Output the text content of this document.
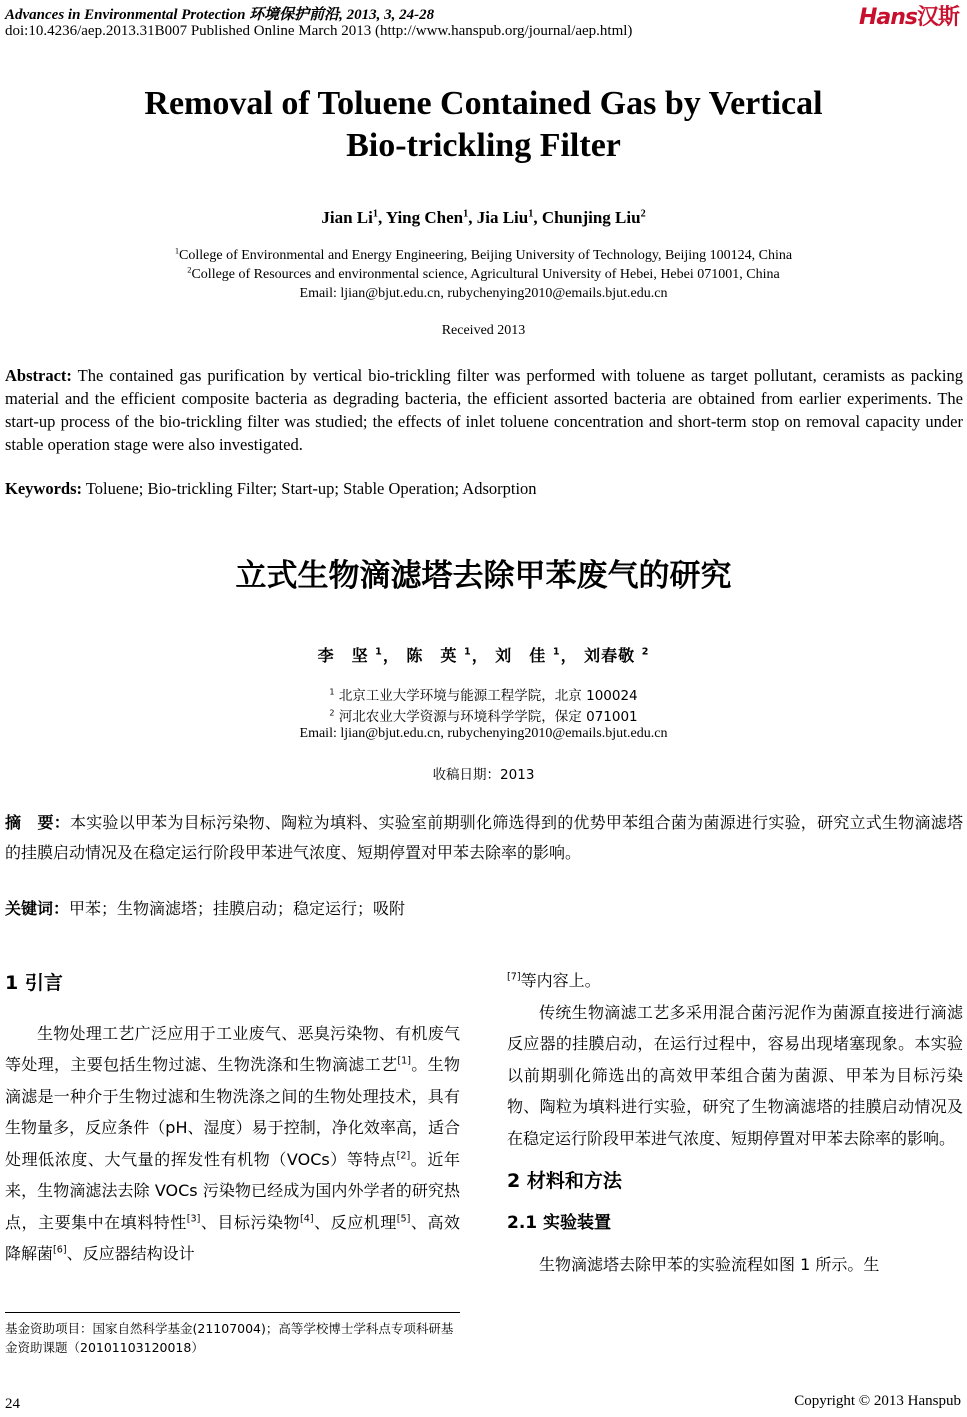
Advances in Environmental Protection 环境保护前沿, 2013, 3, 24-28
doi:10.4236/aep.2013.31B007 Published Online March 2013 (http://www.hanspub.org/journal/aep.html)
Hans汉斯
Removal of Toluene Contained Gas by Vertical
Bio-trickling Filter
Jian Li$^1$, Ying Chen$^1$, Jia Liu$^1$, Chunjing Liu$^2$
$^1$College of Environmental and Energy Engineering, Beijing University of Technology, Beijing 100124, China
$^2$College of Resources and environmental science, Agricultural University of Hebei, Hebei 071001, China
Email: ljian@bjut.edu.cn, rubychenying2010@emails.bjut.edu.cn
Received 2013
Abstract: The contained gas purification by vertical bio-trickling filter was performed with toluene as target pollutant, ceramists as packing material and the efficient composite bacteria as degrading bacteria, the efficient assorted bacteria are obtained from earlier experiments. The start-up process of the bio-trickling filter was studied; the effects of inlet toluene concentration and short-term stop on removal capacity under stable operation stage were also investigated.
Keywords: Toluene; Bio-trickling Filter; Start-up; Stable Operation; Adsorption
立式生物滴滤塔去除甲苯废气的研究
李　坚 $^1$， 陈　英 $^1$， 刘　佳 $^1$， 刘春敬 $^2$
$^1$ 北京工业大学环境与能源工程学院，北京 100024
$^2$ 河北农业大学资源与环境科学学院，保定 071001
Email: ljian@bjut.edu.cn, rubychenying2010@emails.bjut.edu.cn
收稿日期：2013
摘　要：本实验以甲苯为目标污染物、陶粒为填料、实验室前期驯化筛选得到的优势甲苯组合菌为菌源进行实验，研究立式生物滴滤塔的挂膜启动情况及在稳定运行阶段甲苯进气浓度、短期停置对甲苯去除率的影响。
关键词：甲苯；生物滴滤塔；挂膜启动；稳定运行；吸附
1 引言

生物处理工艺广泛应用于工业废气、恶臭污染物、有机废气等处理，主要包括生物过滤、生物洗涤和生物滴滤工艺[1]。生物滴滤是一种介于生物过滤和生物洗涤之间的生物处理技术，具有生物量多，反应条件（pH、湿度）易于控制，净化效率高，适合处理低浓度、大气量的挥发性有机物（VOCs）等特点[2]。近年来，生物滴滤法去除 VOCs 污染物已经成为国内外学者的研究热点，主要集中在填料特性[3]、目标污染物[4]、反应机理[5]、高效降解菌[6]、反应器结构设计

[7]等内容上。

传统生物滴滤工艺多采用混合菌污泥作为菌源直接进行滴滤反应器的挂膜启动，在运行过程中，容易出现堵塞现象。本实验以前期驯化筛选出的高效甲苯组合菌为菌源、甲苯为目标污染物、陶粒为填料进行实验，研究了生物滴滤塔的挂膜启动情况及在稳定运行阶段甲苯进气浓度、短期停置对甲苯去除率的影响。

2 材料和方法
2.1 实验装置

生物滴滤塔去除甲苯的实验流程如图 1 所示。生

基金资助项目：国家自然科学基金(21107004)；高等学校博士学科点专项科研基金资助课题（20101103120018）
24	Copyright © 2013 Hanspub
